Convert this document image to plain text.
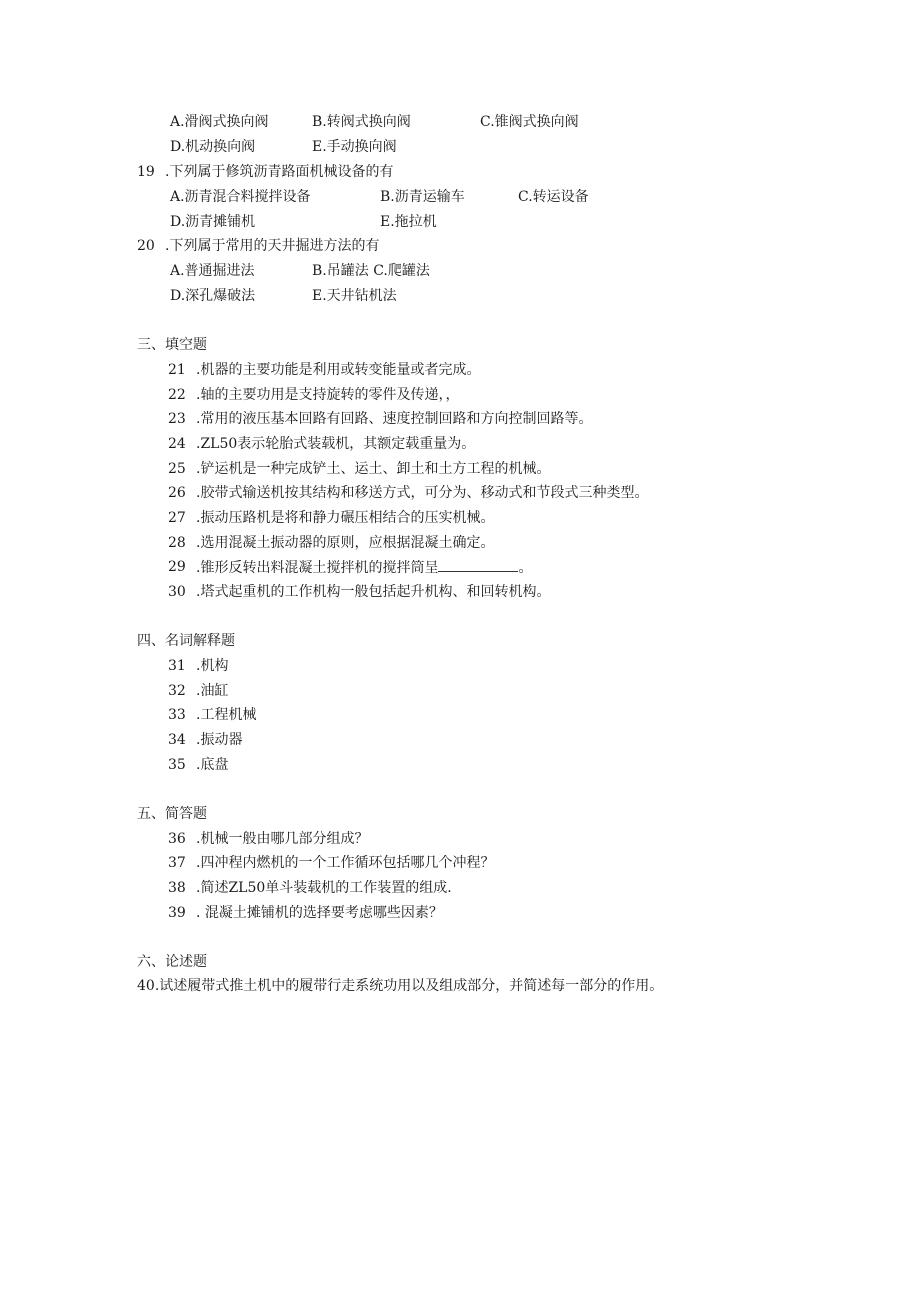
A.滑阀式换向阀	B.转阀式换向阀	C.锥阀式换向阀
D.机动换向阀	E.手动换向阀
19 .下列属于修筑沥青路面机械设备的有
A.沥青混合料搅拌设备	B.沥青运输车	C.转运设备
D.沥青摊铺机	E.拖拉机
20 .下列属于常用的天井掘进方法的有
A.普通掘进法	B.吊罐法 C.爬罐法
D.深孔爆破法	E.天井钻机法
三、填空题
21 .机器的主要功能是利用或转变能量或者完成。
22 .轴的主要功用是支持旋转的零件及传递，，
23 .常用的液压基本回路有回路、速度控制回路和方向控制回路等。
24 .ZL50表示轮胎式装载机，其额定载重量为。
25 .铲运机是一种完成铲土、运土、卸土和土方工程的机械。
26 .胶带式输送机按其结构和移送方式，可分为、移动式和节段式三种类型。
27 .振动压路机是将和静力碾压相结合的压实机械。
28 .选用混凝土振动器的原则，应根据混凝土确定。
29 .锥形反转出料混凝土搅拌机的搅拌筒呈	。
30 .塔式起重机的工作机构一般包括起升机构、和回转机构。
四、名词解释题
31 .机构
32 .油缸
33 .工程机械
34 .振动器
35 .底盘
五、简答题
36 .机械一般由哪几部分组成？
37 .四冲程内燃机的一个工作循环包括哪几个冲程？
38 .简述ZL50单斗装载机的工作装置的组成.
39 . 混凝土摊铺机的选择要考虑哪些因素？
六、论述题
40.试述履带式推土机中的履带行走系统功用以及组成部分，并简述每一部分的作用。
